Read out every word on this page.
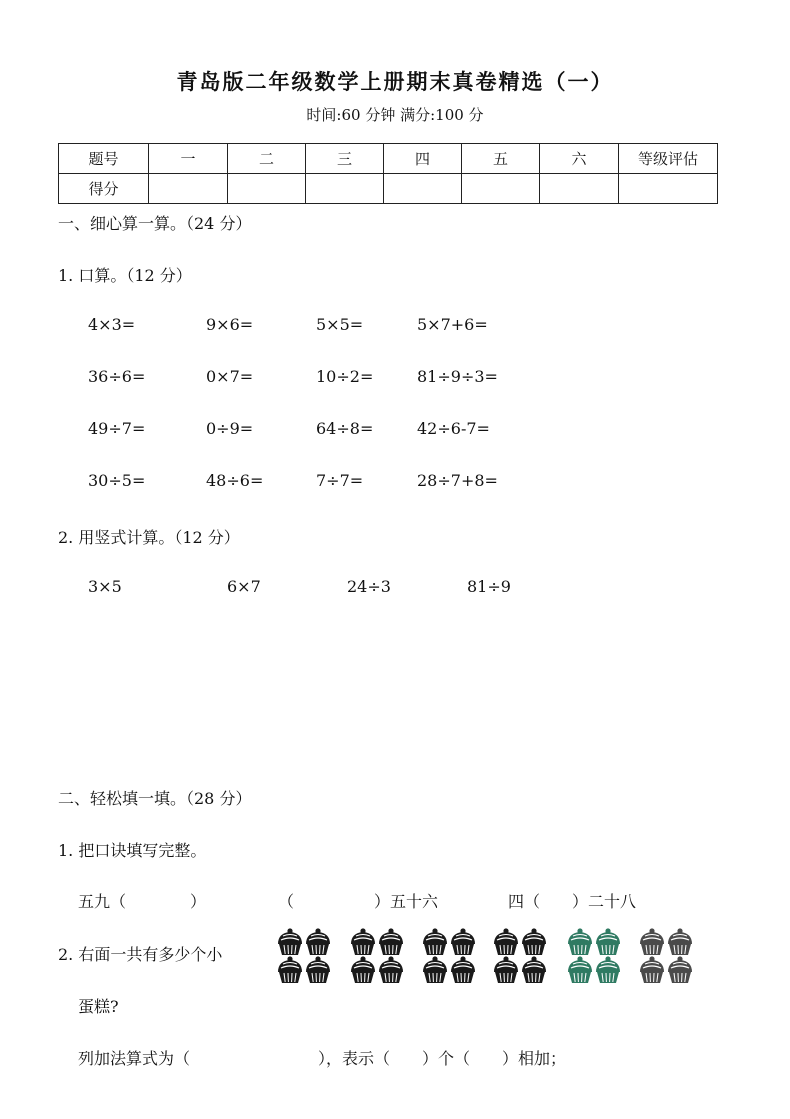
青岛版二年级数学上册期末真卷精选（一）
时间:60 分钟 满分:100 分
题号	一	二	三	四	五	六	等级评估
得分							
一、细心算一算。（24 分）
1. 口算。（12 分）
4×3=	9×6=	5×5=	5×7+6=
36÷6=	0×7=	10÷2=	81÷9÷3=
49÷7=	0÷9=	64÷8=	42÷6-7=
30÷5=	48÷6=	7÷7=	28÷7+8=
2. 用竖式计算。（12 分）
3×5	6×7	24÷3	81÷9
二、轻松填一填。（28 分）
1. 把口诀填写完整。
五九（　　　　）	（　　　　　）五十六	四（　　）二十八
2. 右面一共有多少个小
蛋糕?
列加法算式为（　　　　　　　　），表示（　　）个（　　）相加；
